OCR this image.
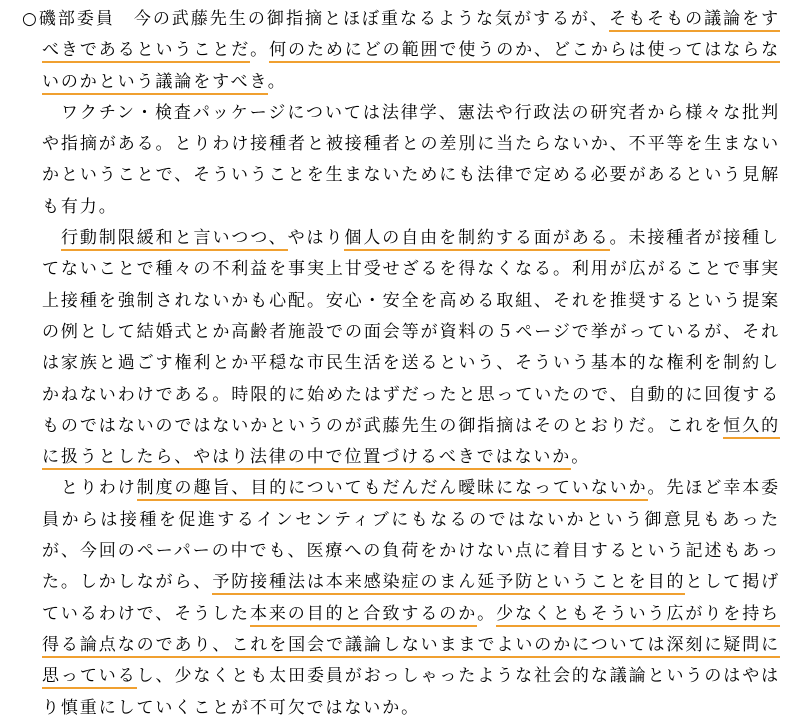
○磯部委員　今の武藤先生の御指摘とほぼ重なるような気がするが、そもそもの議論をす
べきであるということだ。何のためにどの範囲で使うのか、どこからは使ってはならな
いのかという議論をすべき。
　ワクチン・検査パッケージについては法律学、憲法や行政法の研究者から様々な批判
や指摘がある。とりわけ接種者と被接種者との差別に当たらないか、不平等を生まない
かということで、そういうことを生まないためにも法律で定める必要があるという見解
も有力。
　行動制限緩和と言いつつ、やはり個人の自由を制約する面がある。未接種者が接種し
てないことで種々の不利益を事実上甘受せざるを得なくなる。利用が広がることで事実
上接種を強制されないかも心配。安心・安全を高める取組、それを推奨するという提案
の例として結婚式とか高齢者施設での面会等が資料の５ページで挙がっているが、それ
は家族と過ごす権利とか平穏な市民生活を送るという、そういう基本的な権利を制約し
かねないわけである。時限的に始めたはずだったと思っていたので、自動的に回復する
ものではないのではないかというのが武藤先生の御指摘はそのとおりだ。これを恒久的
に扱うとしたら、やはり法律の中で位置づけるべきではないか。
　とりわけ制度の趣旨、目的についてもだんだん曖昧になっていないか。先ほど幸本委
員からは接種を促進するインセンティブにもなるのではないかという御意見もあった
が、今回のペーパーの中でも、医療への負荷をかけない点に着目するという記述もあっ
た。しかしながら、予防接種法は本来感染症のまん延予防ということを目的として掲げ
ているわけで、そうした本来の目的と合致するのか。少なくともそういう広がりを持ち
得る論点なのであり、これを国会で議論しないままでよいのかについては深刻に疑問に
思っているし、少なくとも太田委員がおっしゃったような社会的な議論というのはやは
り慎重にしていくことが不可欠ではないか。
